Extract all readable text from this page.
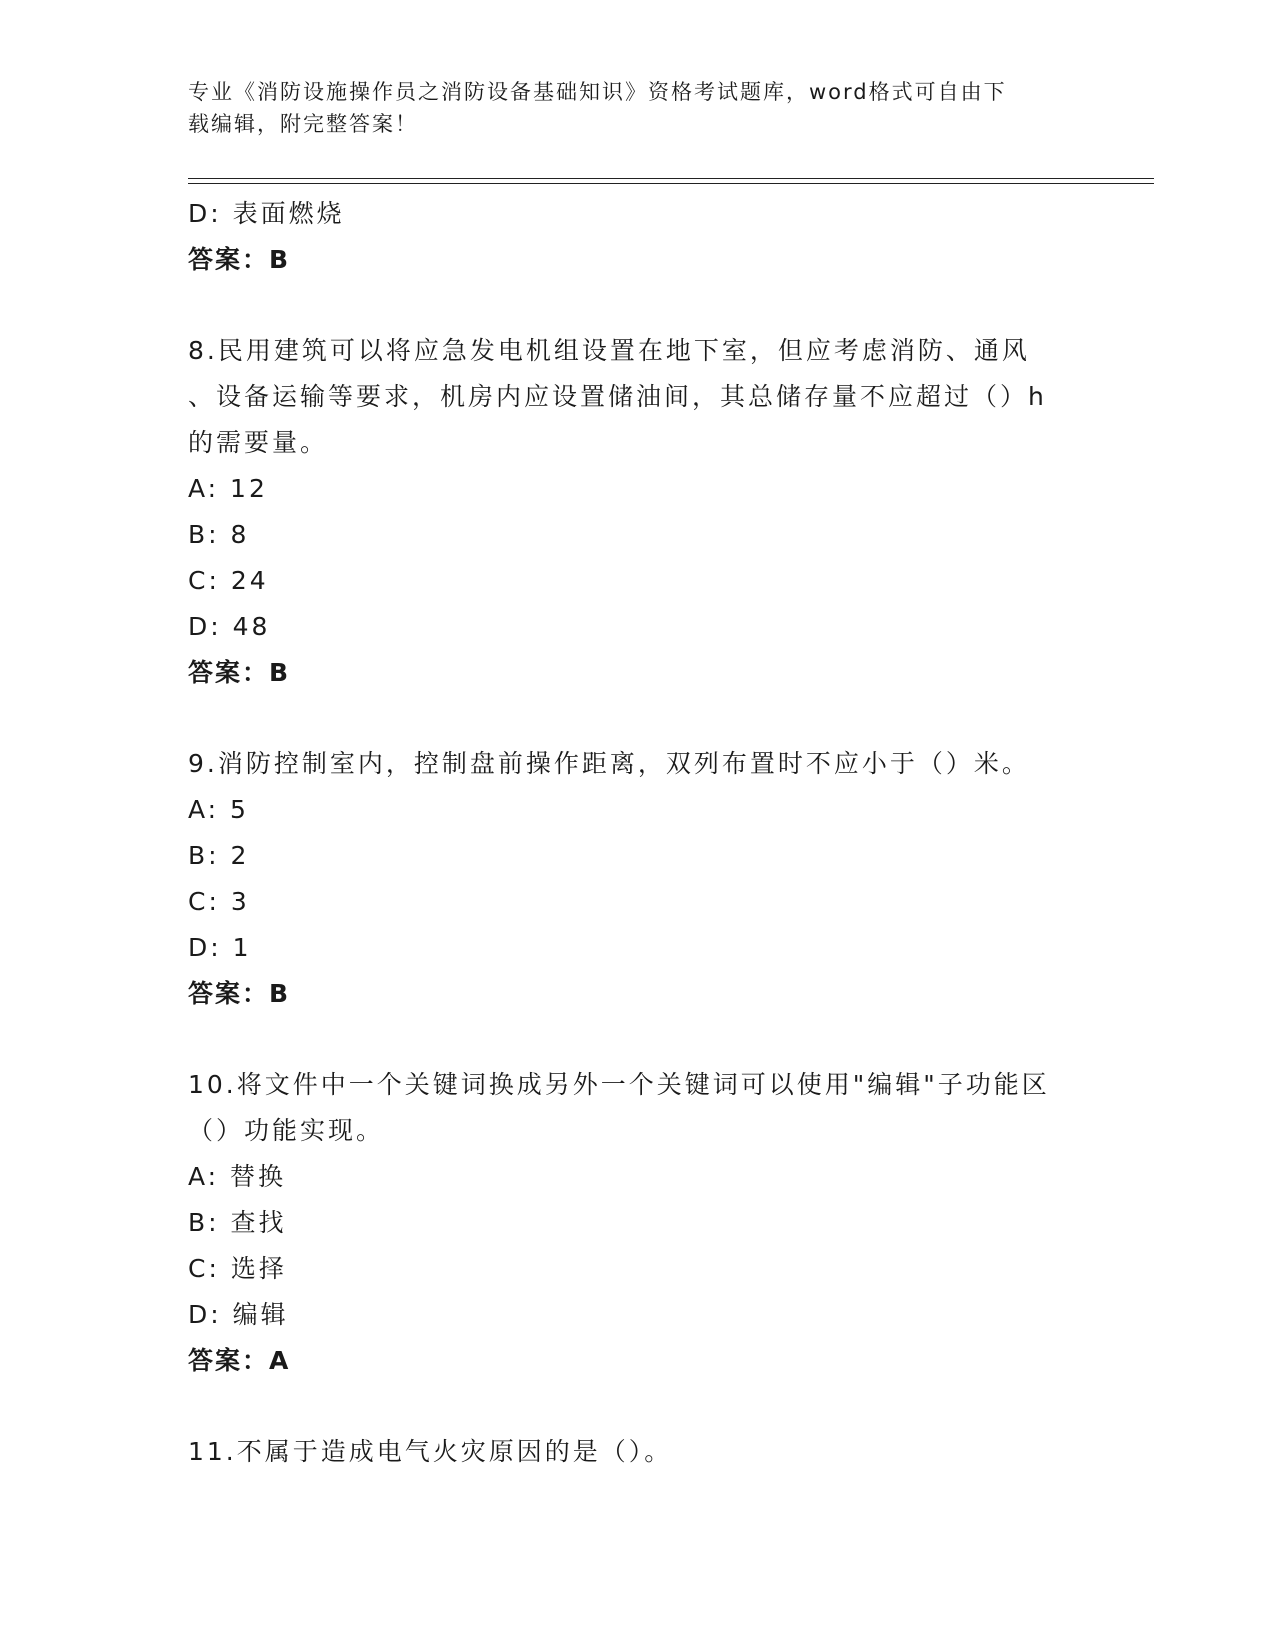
专业《消防设施操作员之消防设备基础知识》资格考试题库，word格式可自由下
载编辑，附完整答案！
D: 表面燃烧
答案：B
8.民用建筑可以将应急发电机组设置在地下室，但应考虑消防、通风
、设备运输等要求，机房内应设置储油间，其总储存量不应超过（）h
的需要量。
A: 12
B: 8
C: 24
D: 48
答案：B
9.消防控制室内，控制盘前操作距离，双列布置时不应小于（）米。
A: 5
B: 2
C: 3
D: 1
答案：B
10.将文件中一个关键词换成另外一个关键词可以使用"编辑"子功能区
（）功能实现。
A: 替换
B: 查找
C: 选择
D: 编辑
答案：A
11.不属于造成电气火灾原因的是（）。
